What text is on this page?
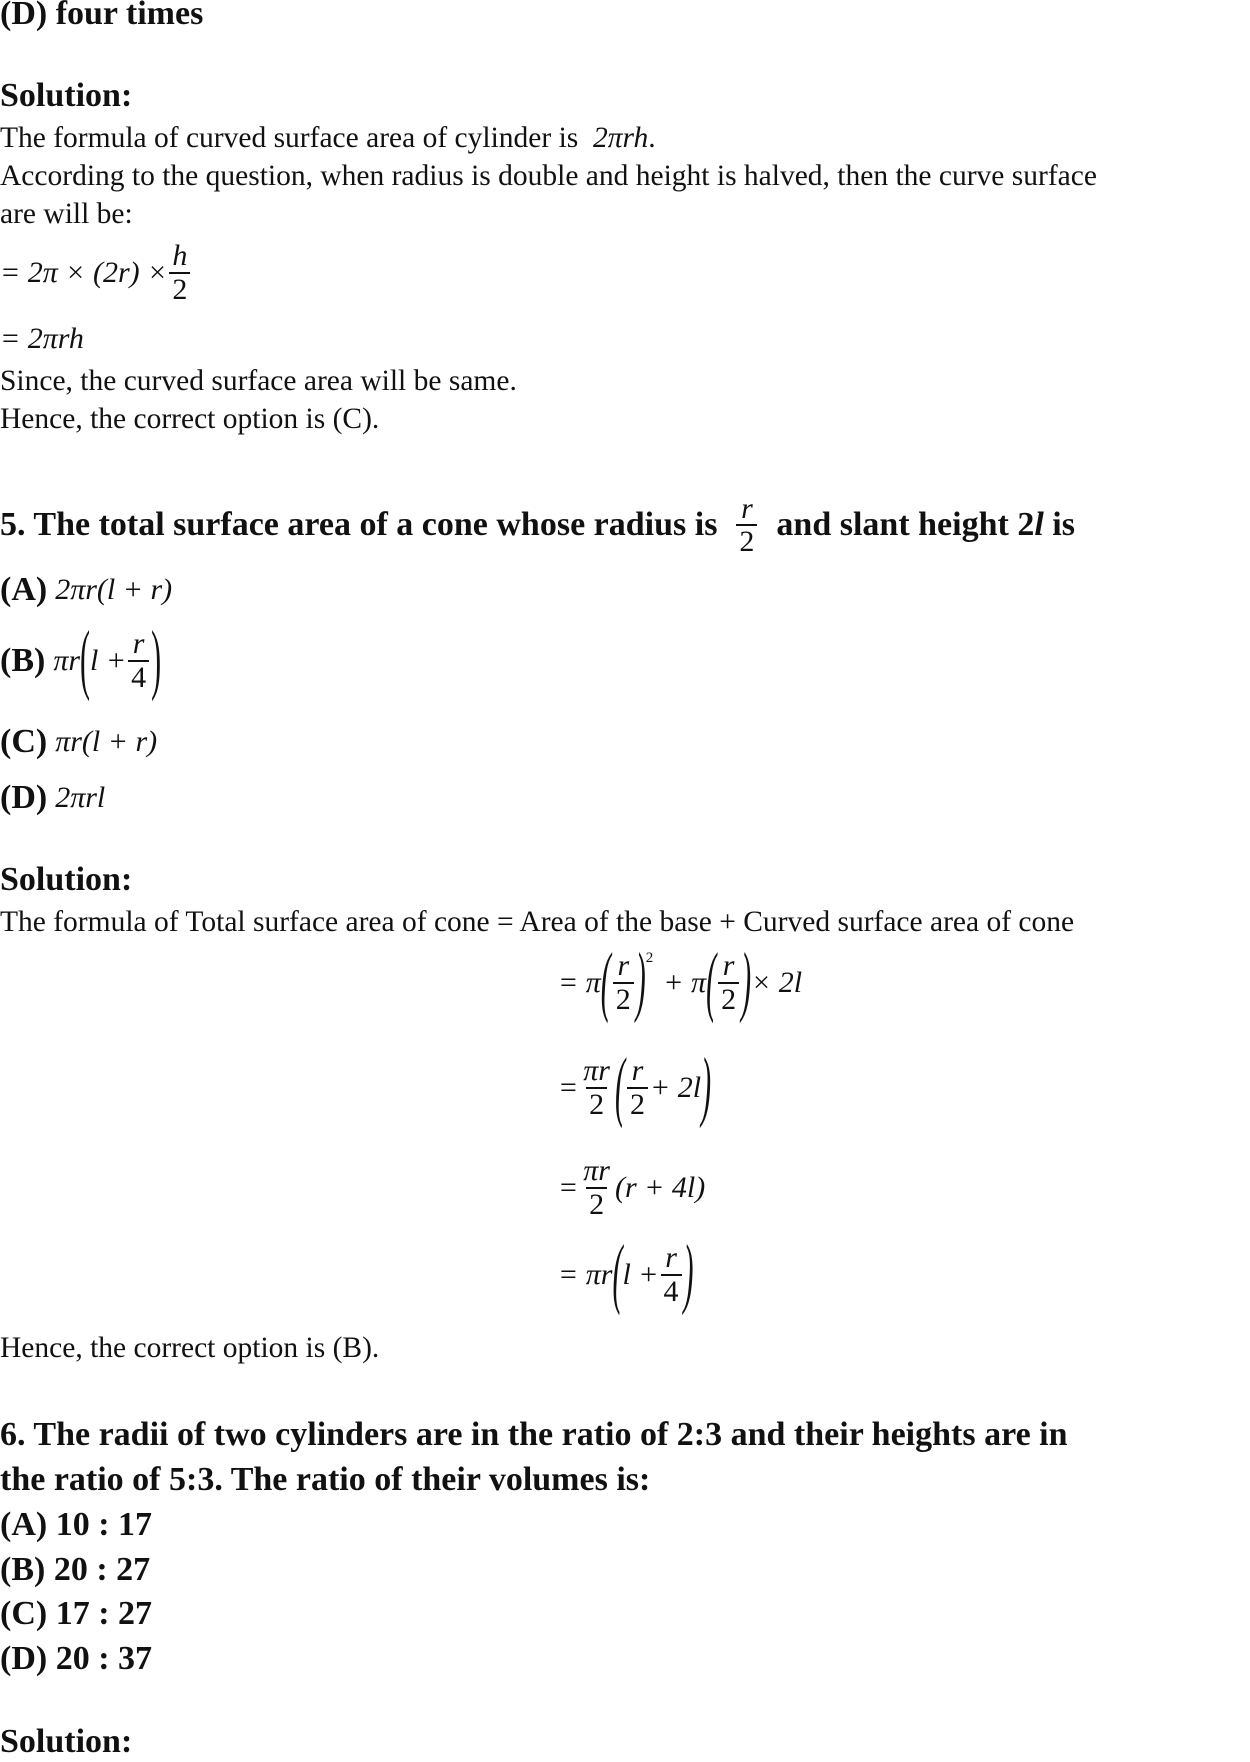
(D) four times
Solution:
The formula of curved surface area of cylinder is
2πrh .
According to the question, when radius is double and height is halved, then the curve surface
are will be:
= $2\pi \times (2r) \times \frac{h}{2}$
= 2πrh
Since, the curved surface area will be same.
Hence, the correct option is (C).
5. The total surface area of a cone whose radius is
$\frac{r}{2}$
and slant height 2 l
is
(A)
2πr(l + r)
(B)
πr ( $l + \frac{r}{4}$ )
(C)
πr(l + r)
(D)
2πrl
Solution:
The formula of Total surface area of cone = Area of the base + Curved surface area of cone
= π ( $\frac{r}{2}$ ) 2
+ π ( $\frac{r}{2}$ ) × 2l
= $\frac{\pi r}{2}$ ( $\frac{r}{2} + 2l$ )
= $\frac{\pi r}{2} (r + 4l)$
= πr ( $l + \frac{r}{4}$ )
Hence, the correct option is (B).
6. The radii of two cylinders are in the ratio of 2:3 and their heights are in
the ratio of 5:3. The ratio of their volumes is:
(A) 10 : 17
(B) 20 : 27
(C) 17 : 27
(D) 20 : 37
Solution:
